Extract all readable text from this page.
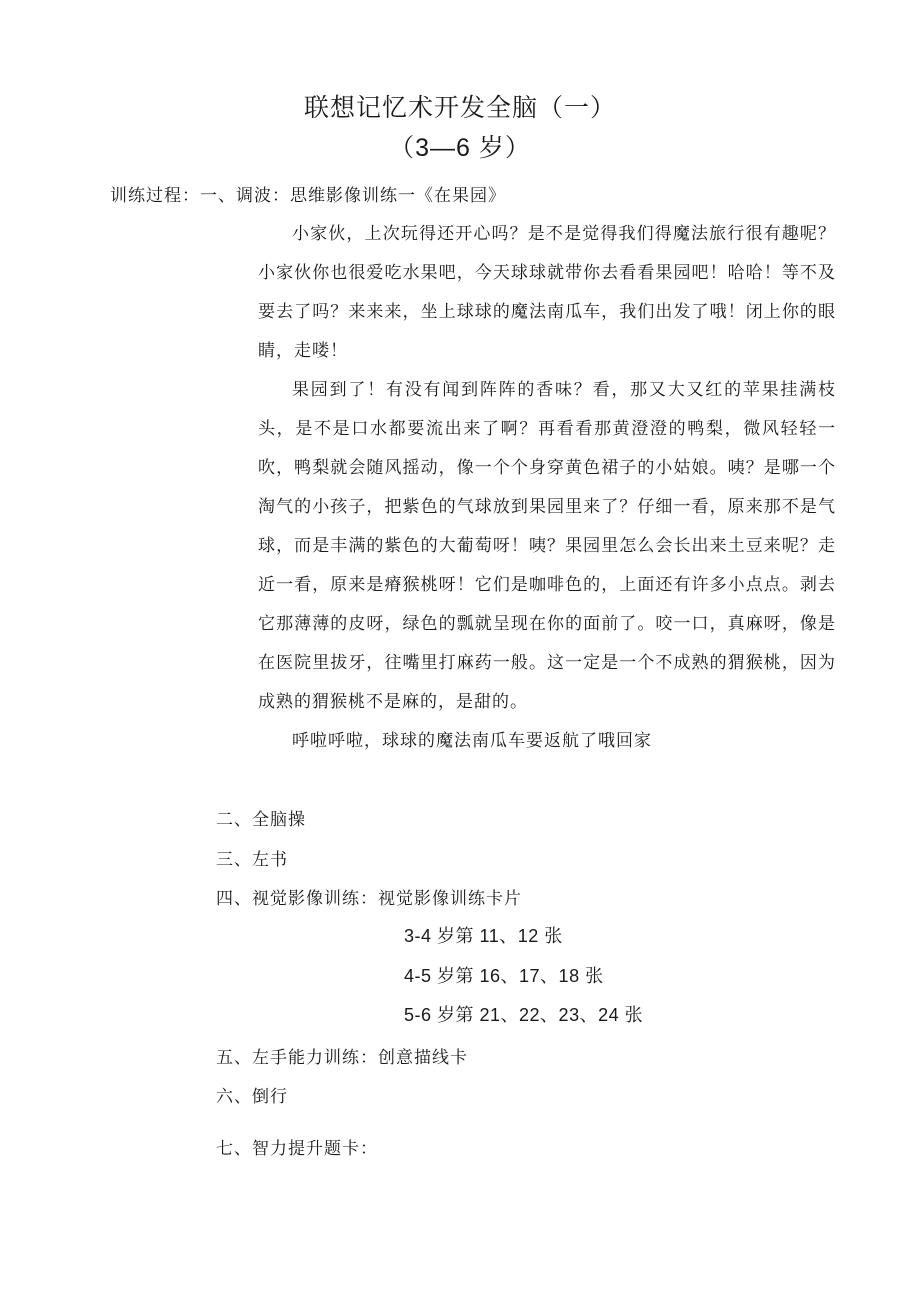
联想记忆术开发全脑（一）
（3—6 岁）
训练过程：一、调波：思维影像训练一《在果园》

小家伙，上次玩得还开心吗？是不是觉得我们得魔法旅行很有趣呢？小家伙你也很爱吃水果吧，今天球球就带你去看看果园吧！哈哈！等不及要去了吗？来来来，坐上球球的魔法南瓜车，我们出发了哦！闭上你的眼睛，走喽！

果园到了！有没有闻到阵阵的香味？看，那又大又红的苹果挂满枝头，是不是口水都要流出来了啊？再看看那黄澄澄的鸭梨，微风轻轻一吹，鸭梨就会随风摇动，像一个个身穿黄色裙子的小姑娘。咦？是哪一个淘气的小孩子，把紫色的气球放到果园里来了？仔细一看，原来那不是气球，而是丰满的紫色的大葡萄呀！咦？果园里怎么会长出来土豆来呢？走近一看，原来是瘠猴桃呀！它们是咖啡色的，上面还有许多小点点。剥去它那薄薄的皮呀，绿色的瓢就呈现在你的面前了。咬一口，真麻呀，像是在医院里拔牙，往嘴里打麻药一般。这一定是一个不成熟的猬猴桃，因为成熟的猬猴桃不是麻的，是甜的。

呼啦呼啦，球球的魔法南瓜车要返航了哦回家

二、全脑操
三、左书
四、视觉影像训练：视觉影像训练卡片
3-4 岁第 11、12 张
4-5 岁第 16、17、18 张
5-6 岁第 21、22、23、24 张
五、左手能力训练：创意描线卡
六、倒行
七、智力提升题卡：
